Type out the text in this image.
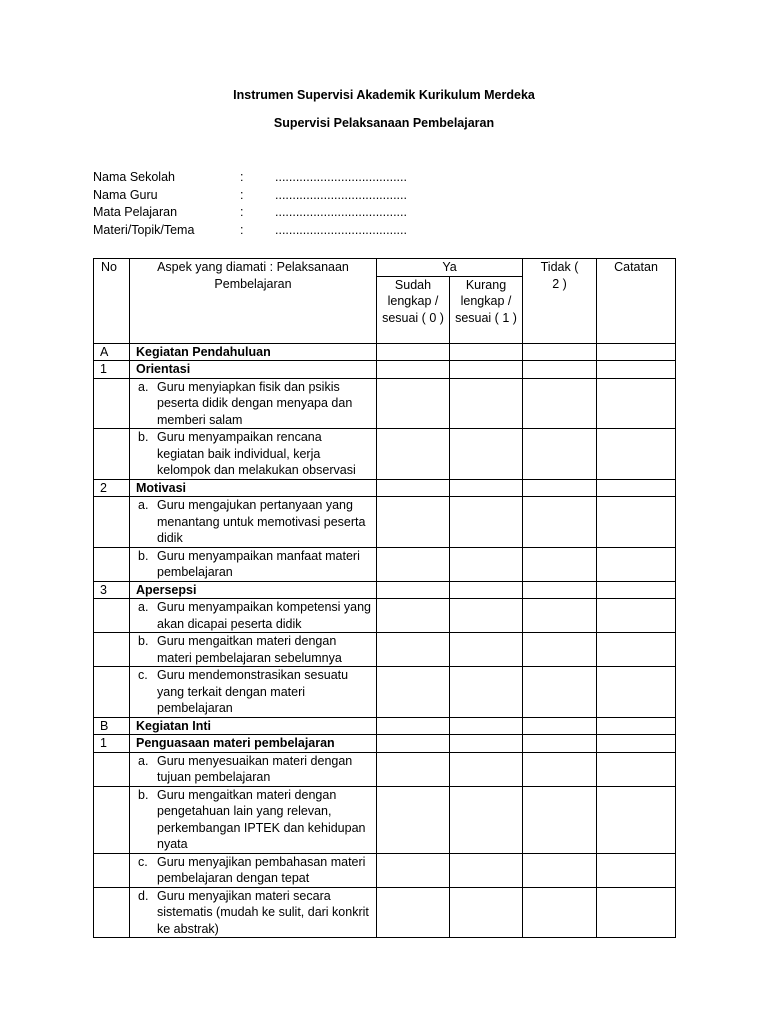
Instrumen Supervisi Akademik Kurikulum Merdeka
Supervisi Pelaksanaan Pembelajaran
Nama Sekolah	:	......................................
Nama Guru	:	......................................
Mata Pelajaran	:	......................................
Materi/Topik/Tema	:	......................................
No	Aspek yang diamati : Pelaksanaan Pembelajaran	Ya		Tidak ( 2 )	Catatan
		Sudah lengkap / sesuai ( 0 )	Kurang lengkap / sesuai ( 1 )		
A	Kegiatan Pendahuluan				
1	Orientasi				

	a. Guru menyiapkan fisik dan psikis peserta didik dengan menyapa dan memberi salam				

	b. Guru menyampaikan rencana kegiatan baik individual, kerja kelompok dan melakukan observasi				

2	Motivasi				

	a. Guru mengajukan pertanyaan yang menantang untuk memotivasi peserta didik				

	b. Guru menyampaikan manfaat materi pembelajaran				

3	Apersepsi				

	a. Guru menyampaikan kompetensi yang akan dicapai peserta didik				

	b. Guru mengaitkan materi dengan materi pembelajaran sebelumnya				

	c. Guru mendemonstrasikan sesuatu yang terkait dengan materi pembelajaran				

B	Kegiatan Inti				
1	Penguasaan materi pembelajaran				

	a. Guru menyesuaikan materi dengan tujuan pembelajaran				

	b. Guru mengaitkan materi dengan pengetahuan lain yang relevan, perkembangan IPTEK dan kehidupan nyata				

	c. Guru menyajikan pembahasan materi pembelajaran dengan tepat				

	d. Guru menyajikan materi secara sistematis (mudah ke sulit, dari konkrit ke abstrak)				
